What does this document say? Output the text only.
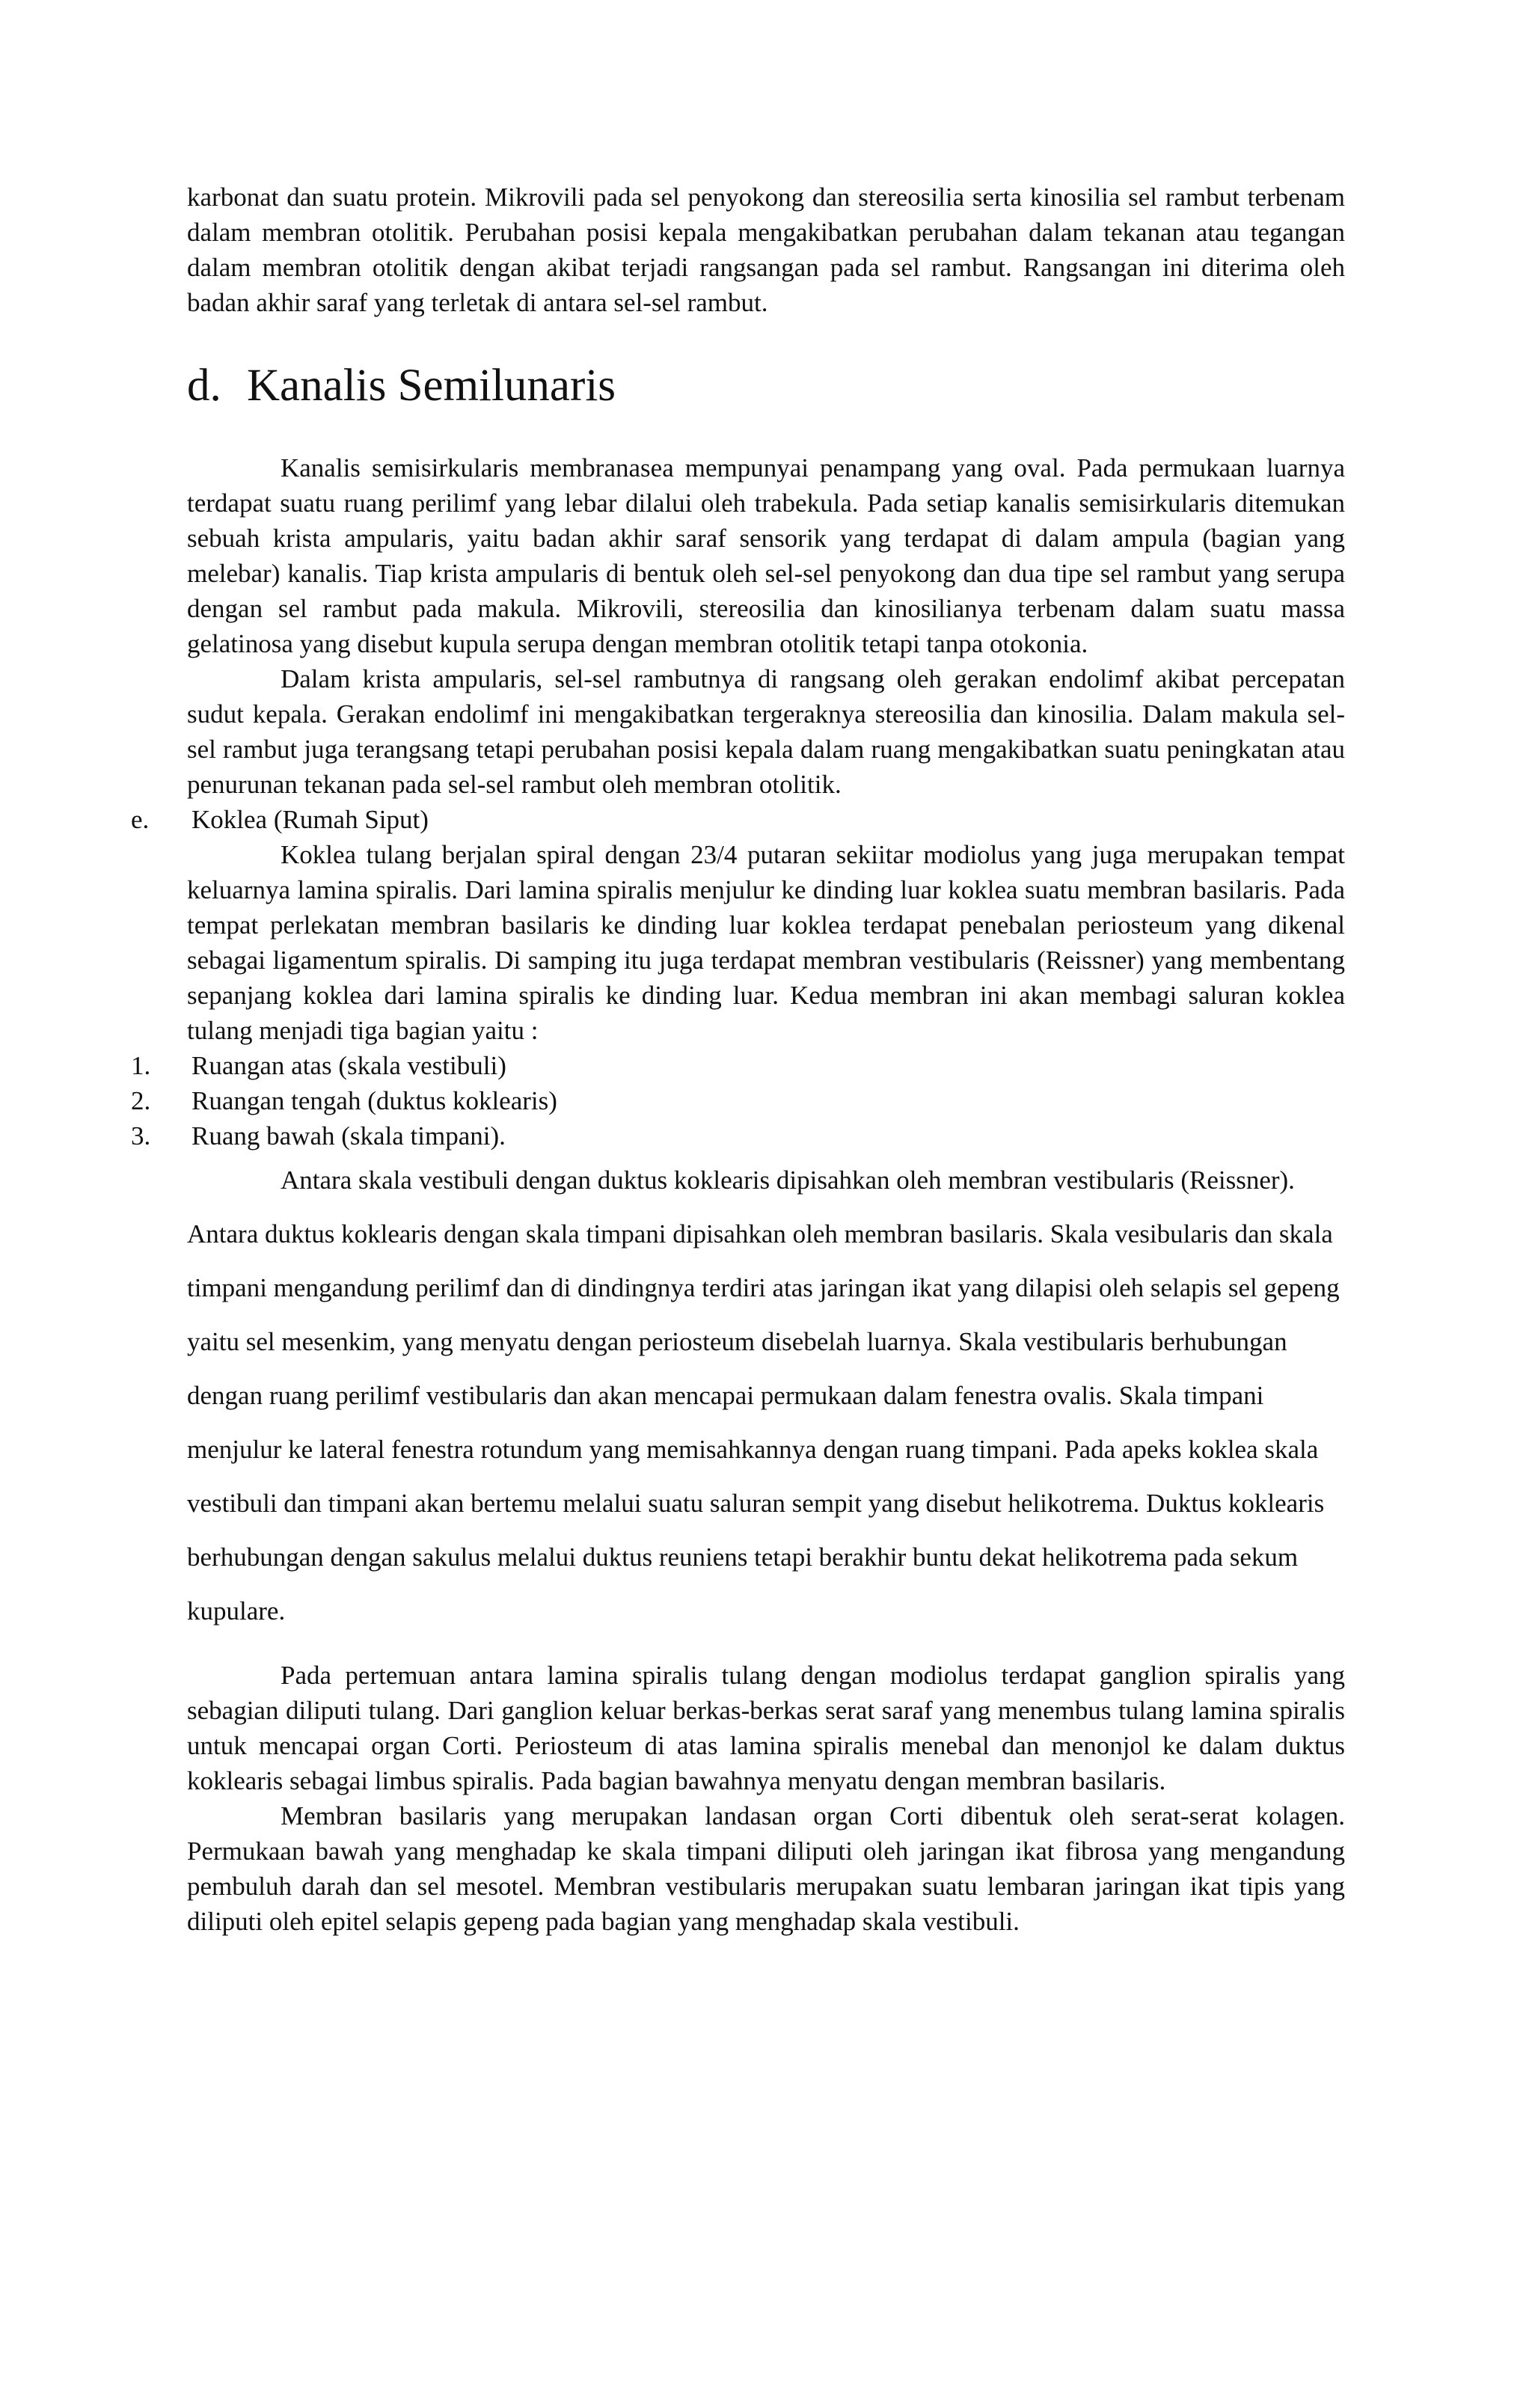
karbonat dan suatu protein. Mikrovili pada sel penyokong dan stereosilia serta kinosilia sel rambut terbenam dalam membran otolitik. Perubahan posisi kepala mengakibatkan perubahan dalam tekanan atau tegangan dalam membran otolitik dengan akibat terjadi rangsangan pada sel rambut. Rangsangan ini diterima oleh badan akhir saraf yang terletak di antara sel-sel rambut.

d. Kanalis Semilunaris

Kanalis semisirkularis membranasea mempunyai penampang yang oval. Pada permukaan luarnya terdapat suatu ruang perilimf yang lebar dilalui oleh trabekula. Pada setiap kanalis semisirkularis ditemukan sebuah krista ampularis, yaitu badan akhir saraf sensorik yang terdapat di dalam ampula (bagian yang melebar) kanalis. Tiap krista ampularis di bentuk oleh sel-sel penyokong dan dua tipe sel rambut yang serupa dengan sel rambut pada makula. Mikrovili, stereosilia dan kinosilianya terbenam dalam suatu massa gelatinosa yang disebut kupula serupa dengan membran otolitik tetapi tanpa otokonia.

Dalam krista ampularis, sel-sel rambutnya di rangsang oleh gerakan endolimf akibat percepatan sudut kepala. Gerakan endolimf ini mengakibatkan tergeraknya stereosilia dan kinosilia. Dalam makula sel-sel rambut juga terangsang tetapi perubahan posisi kepala dalam ruang mengakibatkan suatu peningkatan atau penurunan tekanan pada sel-sel rambut oleh membran otolitik.

e.	Koklea (Rumah Siput)

Koklea tulang berjalan spiral dengan 23/4 putaran sekiitar modiolus yang juga merupakan tempat keluarnya lamina spiralis. Dari lamina spiralis menjulur ke dinding luar koklea suatu membran basilaris. Pada tempat perlekatan membran basilaris ke dinding luar koklea terdapat penebalan periosteum yang dikenal sebagai ligamentum spiralis. Di samping itu juga terdapat membran vestibularis (Reissner) yang membentang sepanjang koklea dari lamina spiralis ke dinding luar. Kedua membran ini akan membagi saluran koklea tulang menjadi tiga bagian yaitu :

1.	Ruangan atas (skala vestibuli)

2.	Ruangan tengah (duktus koklearis)

3.	Ruang bawah (skala timpani).

Antara skala vestibuli dengan duktus koklearis dipisahkan oleh membran vestibularis (Reissner). Antara duktus koklearis dengan skala timpani dipisahkan oleh membran basilaris. Skala vesibularis dan skala timpani mengandung perilimf dan di dindingnya terdiri atas jaringan ikat yang dilapisi oleh selapis sel gepeng yaitu sel mesenkim, yang menyatu dengan periosteum disebelah luarnya. Skala vestibularis berhubungan dengan ruang perilimf vestibularis dan akan mencapai permukaan dalam fenestra ovalis. Skala timpani menjulur ke lateral fenestra rotundum yang memisahkannya dengan ruang timpani. Pada apeks koklea skala vestibuli dan timpani akan bertemu melalui suatu saluran sempit yang disebut helikotrema. Duktus koklearis berhubungan dengan sakulus melalui duktus reuniens tetapi berakhir buntu dekat helikotrema pada sekum kupulare.

Pada pertemuan antara lamina spiralis tulang dengan modiolus terdapat ganglion spiralis yang sebagian diliputi tulang. Dari ganglion keluar berkas-berkas serat saraf yang menembus tulang lamina spiralis untuk mencapai organ Corti. Periosteum di atas lamina spiralis menebal dan menonjol ke dalam duktus koklearis sebagai limbus spiralis. Pada bagian bawahnya menyatu dengan membran basilaris.

Membran basilaris yang merupakan landasan organ Corti dibentuk oleh serat-serat kolagen. Permukaan bawah yang menghadap ke skala timpani diliputi oleh jaringan ikat fibrosa yang mengandung pembuluh darah dan sel mesotel. Membran vestibularis merupakan suatu lembaran jaringan ikat tipis yang diliputi oleh epitel selapis gepeng pada bagian yang menghadap skala vestibuli.
